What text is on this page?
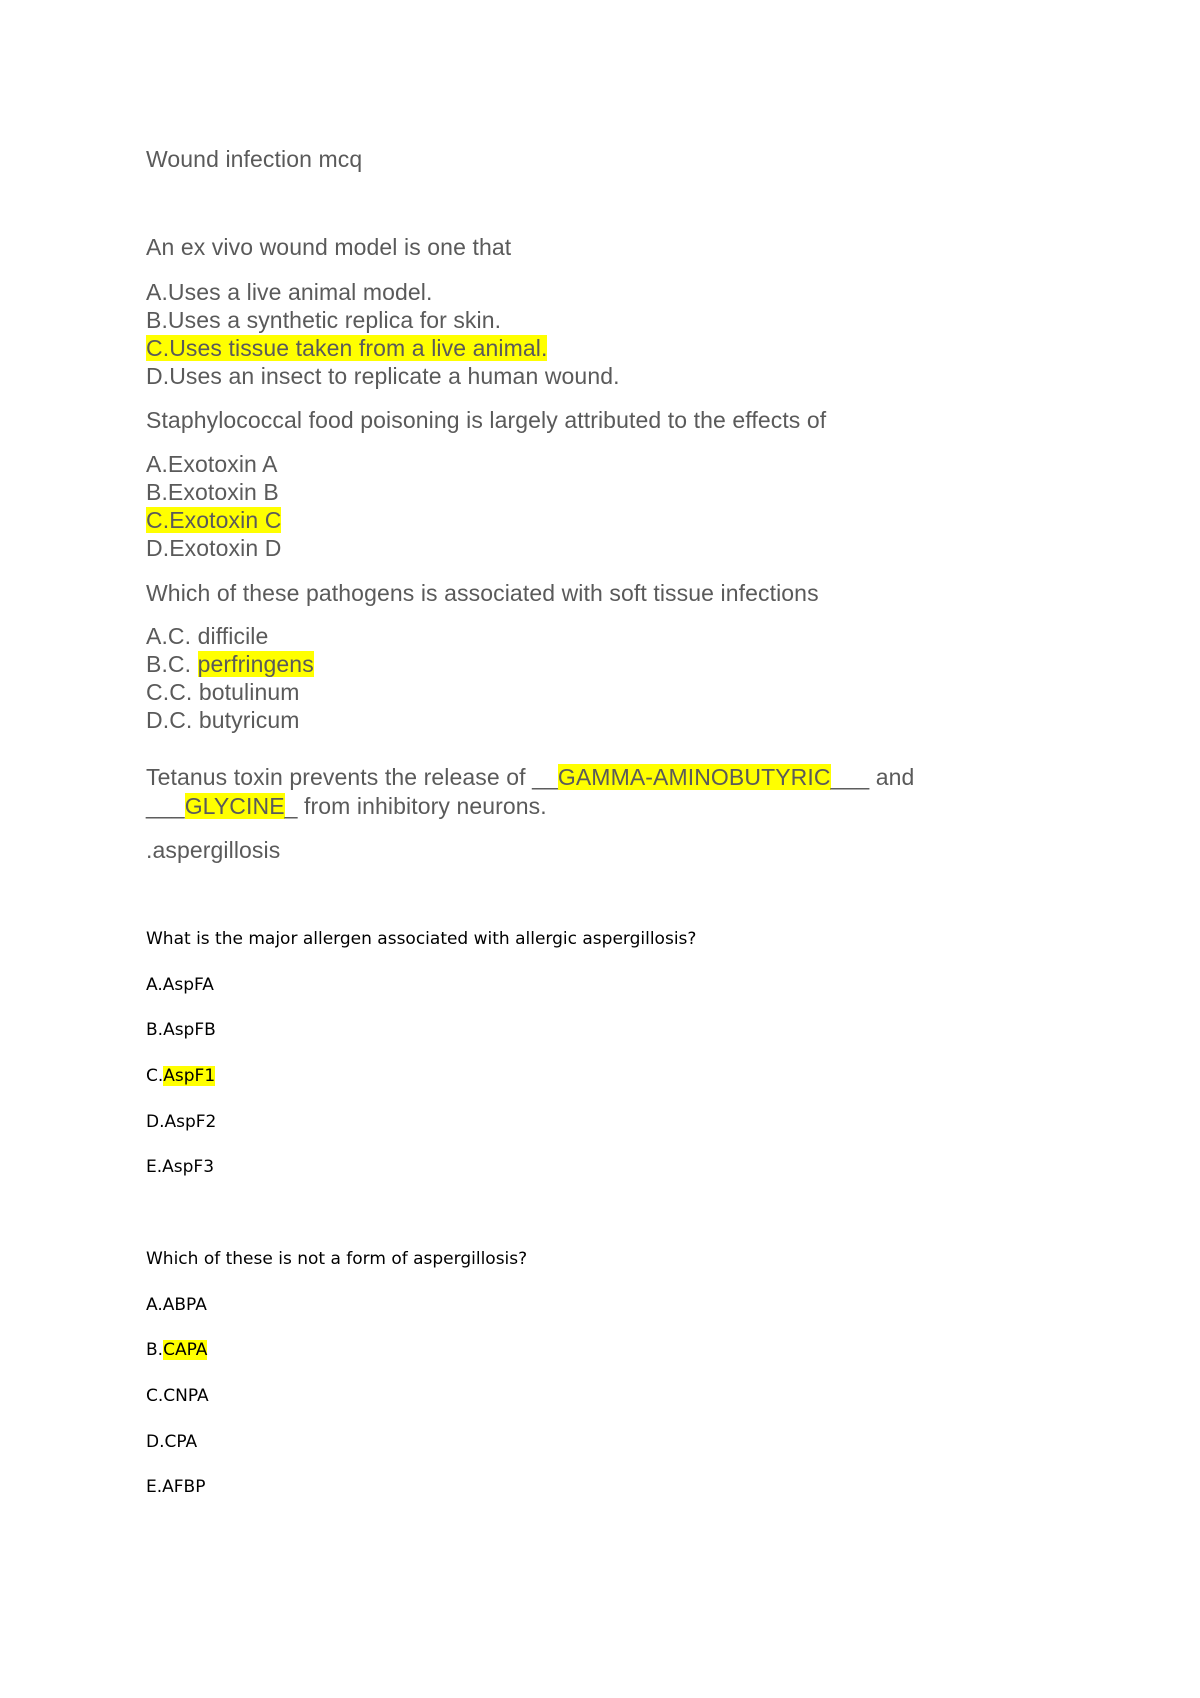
Wound infection mcq
An ex vivo wound model is one that
A.Uses a live animal model.
B.Uses a synthetic replica for skin.
C.Uses tissue taken from a live animal.
D.Uses an insect to replicate a human wound.
Staphylococcal food poisoning is largely attributed to the effects of
A.Exotoxin A
B.Exotoxin B
C.Exotoxin C
D.Exotoxin D
Which of these pathogens is associated with soft tissue infections
A.C. difficile
B.C. perfringens
C.C. botulinum
D.C. butyricum
Tetanus toxin prevents the release of __GAMMA-AMINOBUTYRIC___ and
___GLYCINE_ from inhibitory neurons.
.aspergillosis
What is the major allergen associated with allergic aspergillosis?
A.AspFA
B.AspFB
C.AspF1
D.AspF2
E.AspF3
Which of these is not a form of aspergillosis?
A.ABPA
B.CAPA
C.CNPA
D.CPA
E.AFBP
